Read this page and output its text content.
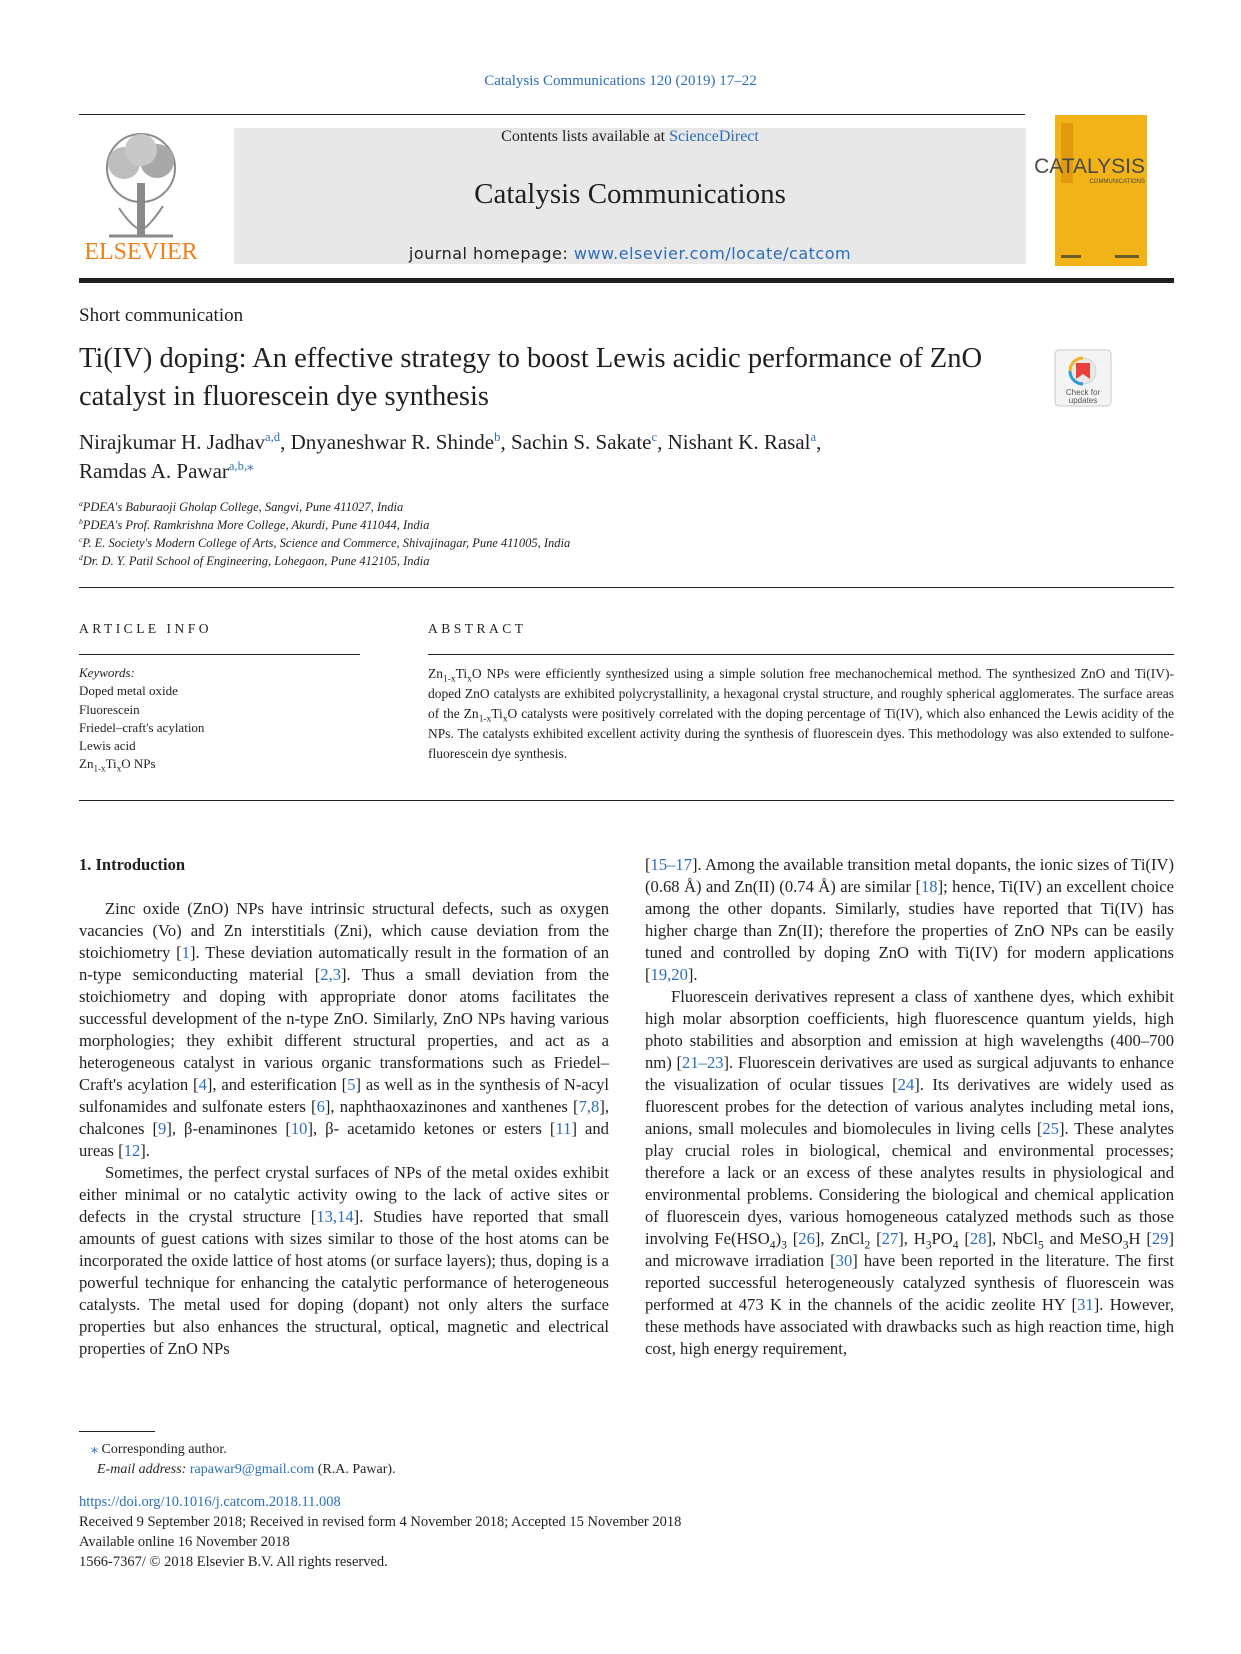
Catalysis Communications 120 (2019) 17–22
ELSEVIER
Contents lists available at ScienceDirect
Catalysis Communications
journal homepage: www.elsevier.com/locate/catcom
CATALYSIS
COMMUNICATIONS
Short communication
Ti(IV) doping: An effective strategy to boost Lewis acidic performance of ZnO catalyst in fluorescein dye synthesis	Check for
updates
Nirajkumar H. Jadhav$^{a,d}$, Dnyaneshwar R. Shinde$^b$, Sachin S. Sakate$^c$, Nishant K. Rasal$^a$,
Ramdas A. Pawar$^{a,b,⁎}$
$^a$PDEA's Baburaoji Gholap College, Sangvi, Pune 411027, India
$^b$PDEA's Prof. Ramkrishna More College, Akurdi, Pune 411044, India
$^c$P. E. Society's Modern College of Arts, Science and Commerce, Shivajinagar, Pune 411005, India
$^d$Dr. D. Y. Patil School of Engineering, Lohegaon, Pune 412105, India
ARTICLE INFO	ABSTRACT
Keywords:
Doped metal oxide
Fluorescein
Friedel–craft's acylation
Lewis acid
$Zn_{1-x}Ti_xO$ NPs
$Zn_{1-x}Ti_xO$ NPs were efficiently synthesized using a simple solution free mechanochemical method. The synthesized ZnO and Ti(IV)-doped ZnO catalysts are exhibited polycrystallinity, a hexagonal crystal structure, and roughly spherical agglomerates. The surface areas of the $Zn_{1-x}Ti_xO$ catalysts were positively correlated with the doping percentage of Ti(IV), which also enhanced the Lewis acidity of the NPs. The catalysts exhibited excellent activity during the synthesis of fluorescein dyes. This methodology was also extended to sulfone-fluorescein dye synthesis.
1. Introduction

Zinc oxide (ZnO) NPs have intrinsic structural defects, such as oxygen vacancies (Vo) and Zn interstitials (Zni), which cause deviation from the stoichiometry [1]. These deviation automatically result in the formation of an n-type semiconducting material [2,3]. Thus a small deviation from the stoichiometry and doping with appropriate donor atoms facilitates the successful development of the n-type ZnO. Similarly, ZnO NPs having various morphologies; they exhibit different structural properties, and act as a heterogeneous catalyst in various organic transformations such as Friedel–Craft's acylation [4], and esterification [5] as well as in the synthesis of N-acyl sulfonamides and sulfonate esters [6], naphthaoxazinones and xanthenes [7,8], chalcones [9], β-enaminones [10], β- acetamido ketones or esters [11] and ureas [12].

Sometimes, the perfect crystal surfaces of NPs of the metal oxides exhibit either minimal or no catalytic activity owing to the lack of active sites or defects in the crystal structure [13,14]. Studies have reported that small amounts of guest cations with sizes similar to those of the host atoms can be incorporated the oxide lattice of host atoms (or surface layers); thus, doping is a powerful technique for enhancing the catalytic performance of heterogeneous catalysts. The metal used for doping (dopant) not only alters the surface properties but also enhances the structural, optical, magnetic and electrical properties of ZnO NPs

[15–17]. Among the available transition metal dopants, the ionic sizes of Ti(IV) (0.68 Å) and Zn(II) (0.74 Å) are similar [18]; hence, Ti(IV) an excellent choice among the other dopants. Similarly, studies have reported that Ti(IV) has higher charge than Zn(II); therefore the properties of ZnO NPs can be easily tuned and controlled by doping ZnO with Ti(IV) for modern applications [19,20].

Fluorescein derivatives represent a class of xanthene dyes, which exhibit high molar absorption coefficients, high fluorescence quantum yields, high photo stabilities and absorption and emission at high wavelengths (400–700 nm) [21–23]. Fluorescein derivatives are used as surgical adjuvants to enhance the visualization of ocular tissues [24]. Its derivatives are widely used as fluorescent probes for the detection of various analytes including metal ions, anions, small molecules and biomolecules in living cells [25]. These analytes play crucial roles in biological, chemical and environmental processes; therefore a lack or an excess of these analytes results in physiological and environmental problems. Considering the biological and chemical application of fluorescein dyes, various homogeneous catalyzed methods such as those involving $Fe(HSO_4)_3$ [26], ZnCl$_2$ [27], $H_3PO_4$ [28], NbCl$_5$ and MeSO$_3$H [29] and microwave irradiation [30] have been reported in the literature. The first reported successful heterogeneously catalyzed synthesis of fluorescein was performed at 473 K in the channels of the acidic zeolite HY [31]. However, these methods have associated with drawbacks such as high reaction time, high cost, high energy requirement,

⁎ Corresponding author.
E-mail address: rapawar9@gmail.com (R.A. Pawar).
https://doi.org/10.1016/j.catcom.2018.11.008
Received 9 September 2018; Received in revised form 4 November 2018; Accepted 15 November 2018
Available online 16 November 2018
1566-7367/ © 2018 Elsevier B.V. All rights reserved.
